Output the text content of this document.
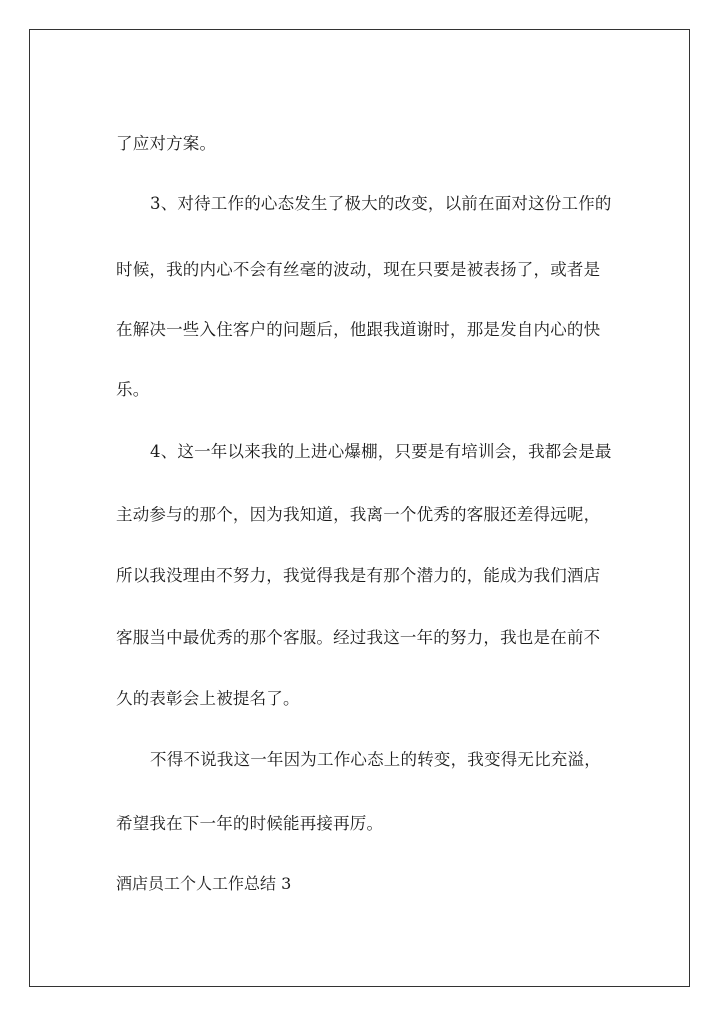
了应对方案。
3、对待工作的心态发生了极大的改变，以前在面对这份工作的
时候，我的内心不会有丝毫的波动，现在只要是被表扬了，或者是
在解决一些入住客户的问题后，他跟我道谢时，那是发自内心的快
乐。
4、这一年以来我的上进心爆棚，只要是有培训会，我都会是最
主动参与的那个，因为我知道，我离一个优秀的客服还差得远呢，
所以我没理由不努力，我觉得我是有那个潜力的，能成为我们酒店
客服当中最优秀的那个客服。经过我这一年的努力，我也是在前不
久的表彰会上被提名了。
不得不说我这一年因为工作心态上的转变，我变得无比充溢，
希望我在下一年的时候能再接再厉。
酒店员工个人工作总结 3
